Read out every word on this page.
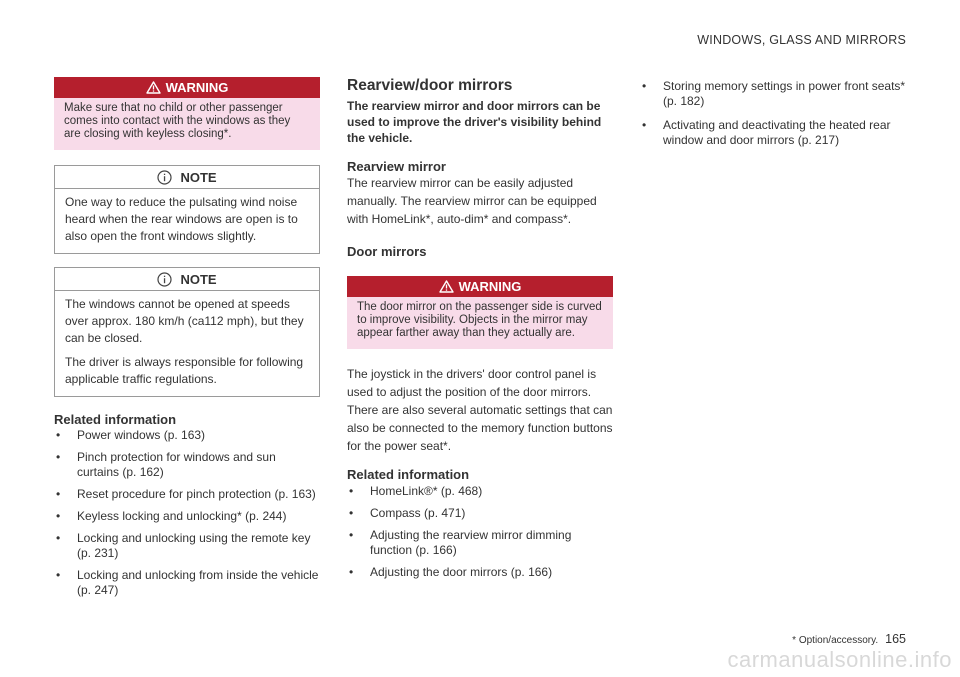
WINDOWS, GLASS AND MIRRORS
WARNING
Make sure that no child or other passenger comes into contact with the windows as they are closing with keyless closing*.
NOTE

One way to reduce the pulsating wind noise heard when the rear windows are open is to also open the front windows slightly.

NOTE

The windows cannot be opened at speeds over approx. 180 km/h (ca112 mph), but they can be closed.

The driver is always responsible for following applicable traffic regulations.

Related information
• Power windows (p. 163)
• Pinch protection for windows and sun curtains (p. 162)
• Reset procedure for pinch protection (p. 163)
• Keyless locking and unlocking* (p. 244)
• Locking and unlocking using the remote key (p. 231)
• Locking and unlocking from inside the vehicle (p. 247)
Rearview/door mirrors

The rearview mirror and door mirrors can be used to improve the driver's visibility behind the vehicle.

Rearview mirror

The rearview mirror can be easily adjusted manually. The rearview mirror can be equipped with HomeLink*, auto-dim* and compass*.

Door mirrors
WARNING
The door mirror on the passenger side is curved to improve visibility. Objects in the mirror may appear farther away than they actually are.

The joystick in the drivers' door control panel is used to adjust the position of the door mirrors. There are also several automatic settings that can also be connected to the memory function buttons for the power seat*.

Related information
• HomeLink®* (p. 468)
• Compass (p. 471)
• Adjusting the rearview mirror dimming function (p. 166)
• Adjusting the door mirrors (p. 166)
• Storing memory settings in power front seats* (p. 182)
• Activating and deactivating the heated rear window and door mirrors (p. 217)
* Option/accessory. 165
carmanualsonline.info
